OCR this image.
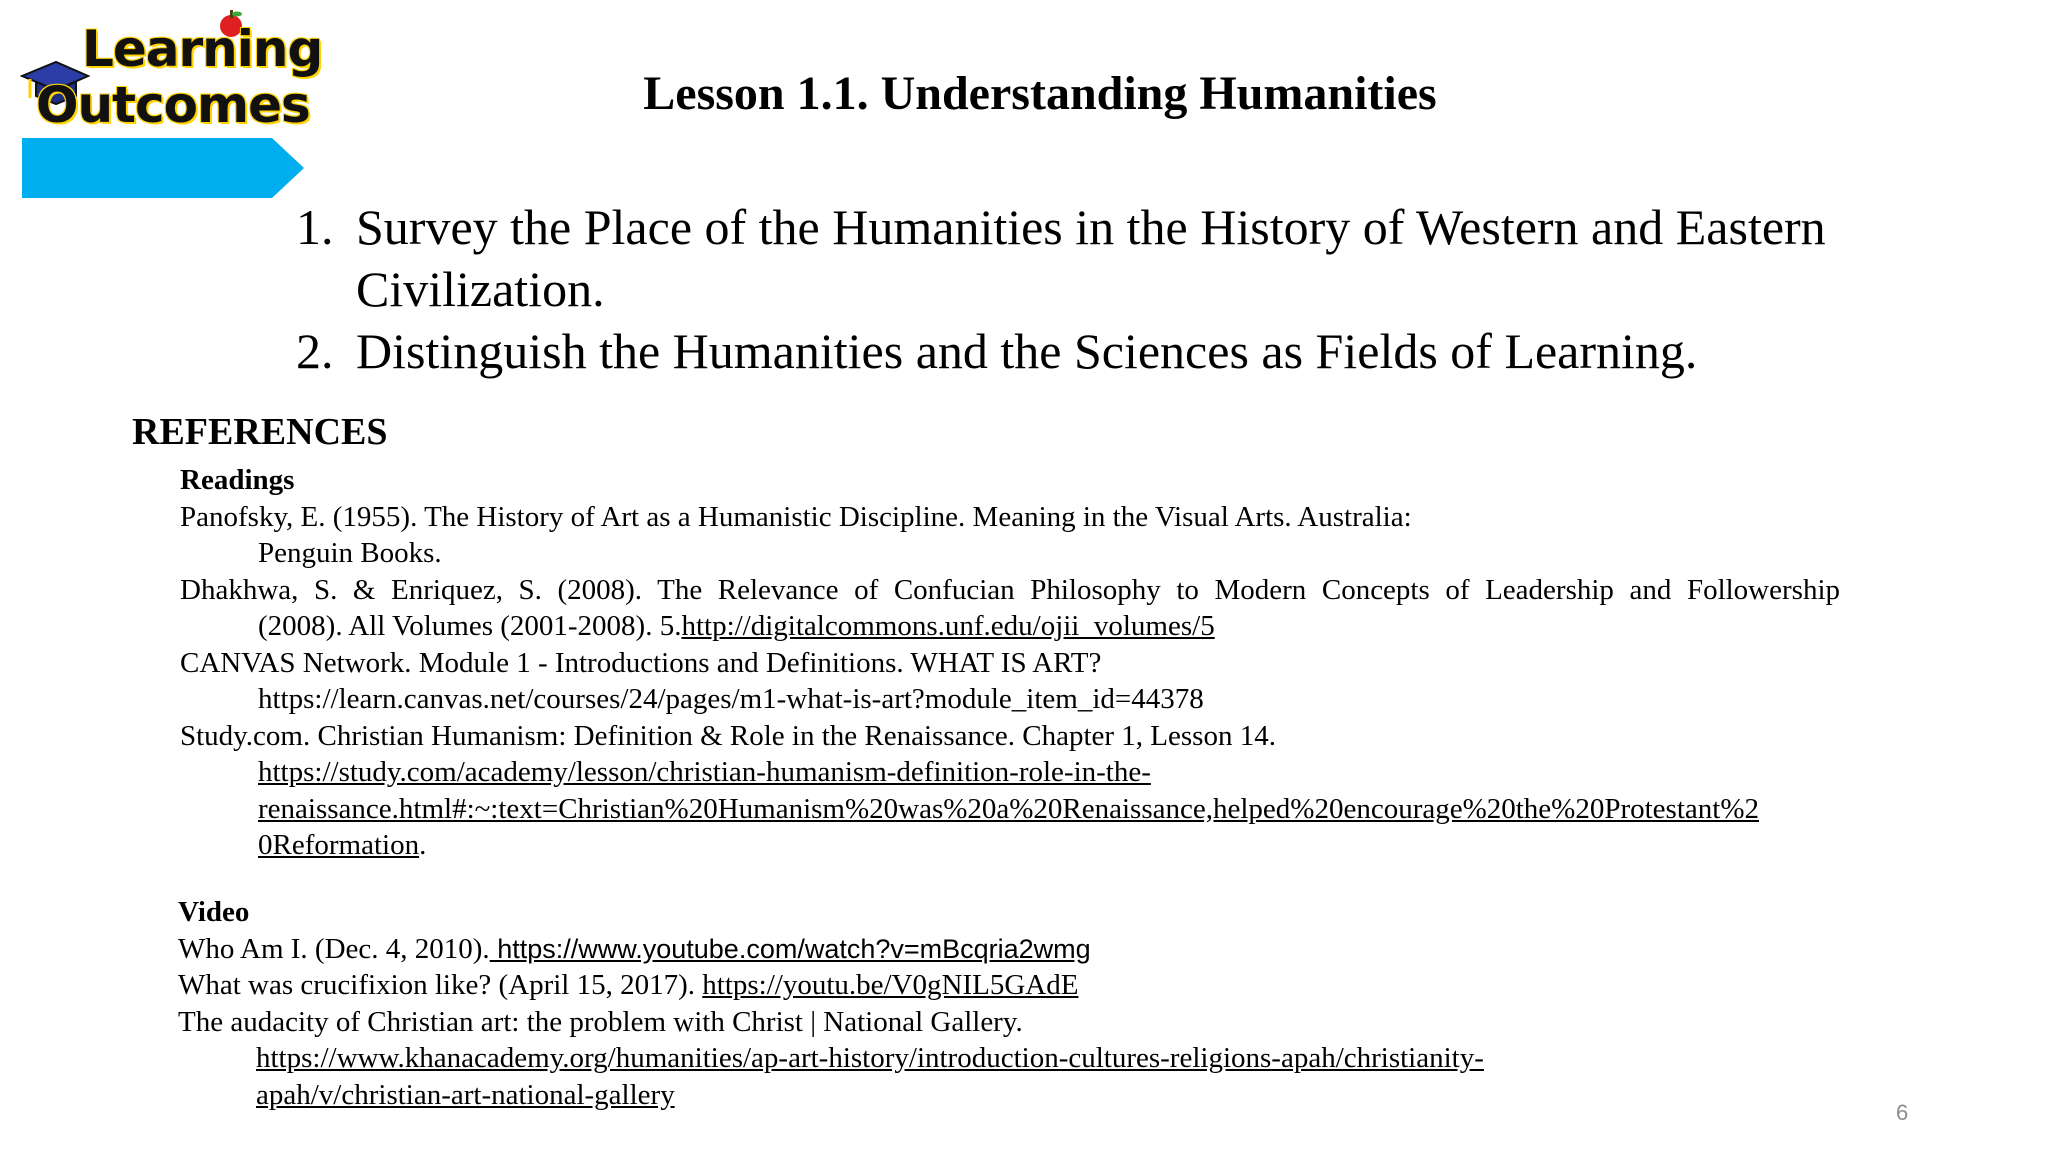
Learning
Outcomes	Lesson 1.1. Understanding Humanities
1. Survey the Place of the Humanities in the History of Western and Eastern Civilization.
2. Distinguish the Humanities and the Sciences as Fields of Learning.
REFERENCES
Readings
Panofsky, E. (1955). The History of Art as a Humanistic Discipline. Meaning in the Visual Arts. Australia:
Penguin Books.
Dhakhwa, S. & Enriquez, S. (2008). The Relevance of Confucian Philosophy to Modern Concepts of Leadership and Followership
(2008). All Volumes (2001-2008). 5.http://digitalcommons.unf.edu/ojii_volumes/5
CANVAS Network. Module 1 - Introductions and Definitions. WHAT IS ART?
https://learn.canvas.net/courses/24/pages/m1-what-is-art?module_item_id=44378
Study.com. Christian Humanism: Definition & Role in the Renaissance. Chapter 1, Lesson 14.
https://study.com/academy/lesson/christian-humanism-definition-role-in-the-
renaissance.html#:~:text=Christian%20Humanism%20was%20a%20Renaissance,helped%20encourage%20the%20Protestant%2
0Reformation.
Video
Who Am I. (Dec. 4, 2010). https://www.youtube.com/watch?v=mBcqria2wmg
What was crucifixion like? (April 15, 2017). https://youtu.be/V0gNIL5GAdE
The audacity of Christian art: the problem with Christ | National Gallery.
https://www.khanacademy.org/humanities/ap-art-history/introduction-cultures-religions-apah/christianity-
apah/v/christian-art-national-gallery
6
